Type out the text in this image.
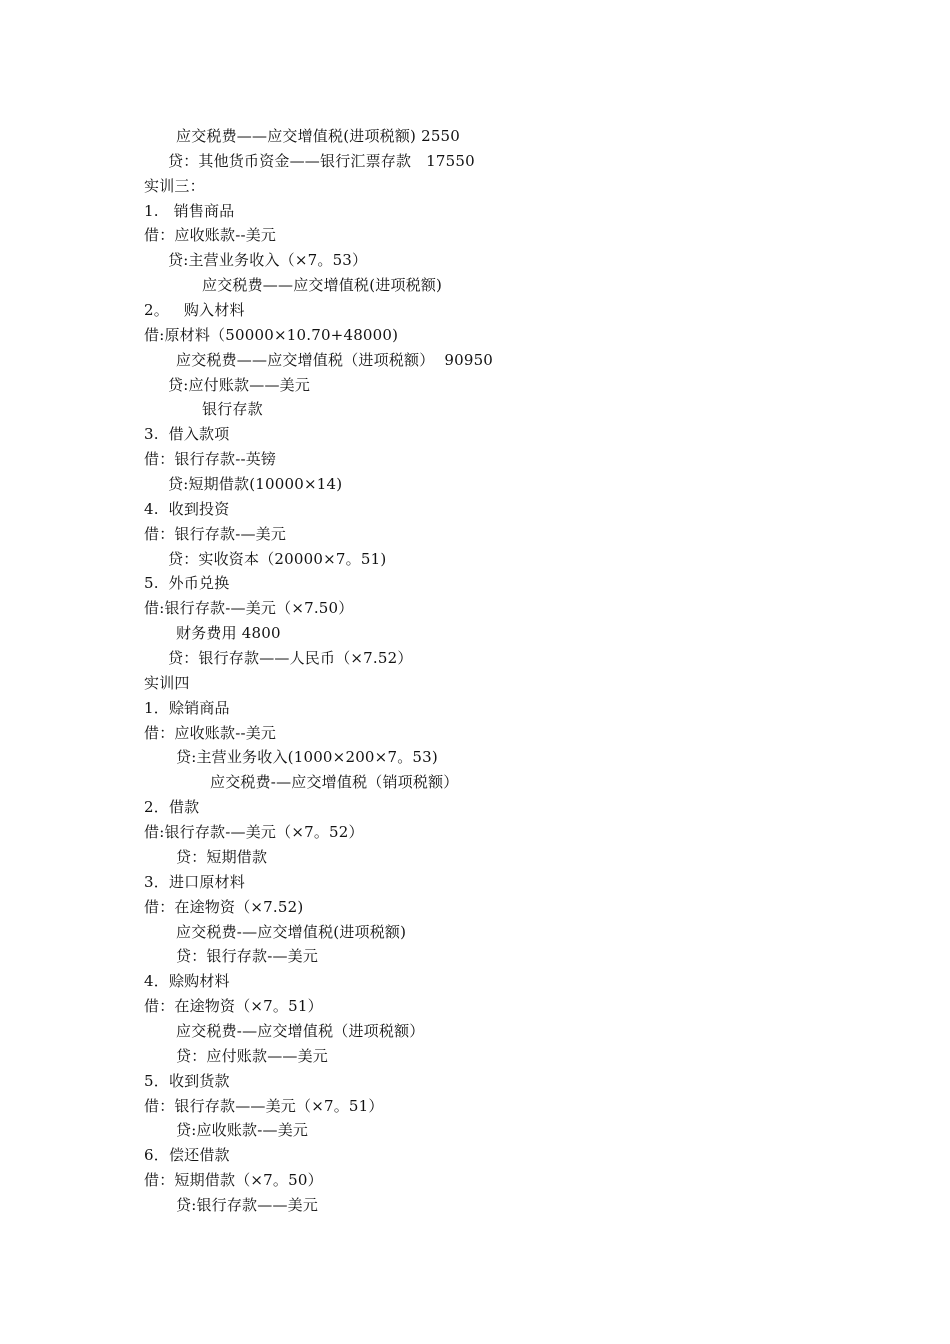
应交税费——应交增值税(进项税额) 2550
贷：其他货币资金——银行汇票存款   17550
实训三：
1.   销售商品
借：应收账款--美元
贷:主营业务收入（×7。53）
应交税费——应交增值税(进项税额)
2。   购入材料
借:原材料（50000×10.70+48000)
应交税费——应交增值税（进项税额）  90950
贷:应付账款——美元
银行存款
3.  借入款项
借：银行存款--英镑
贷:短期借款(10000×14)
4.  收到投资
借：银行存款-—美元
贷：实收资本（20000×7。51)
5.  外币兑换
借:银行存款-—美元（×7.50）
财务费用 4800
贷：银行存款——人民币（×7.52）
实训四
1．赊销商品
借：应收账款--美元
贷:主营业务收入(1000×200×7。53)
应交税费-—应交增值税（销项税额）
2．借款
借:银行存款-—美元（×7。52）
贷：短期借款
3．进口原材料
借：在途物资（×7.52)
应交税费-—应交增值税(进项税额)
贷：银行存款-—美元
4．赊购材料
借：在途物资（×7。51）
应交税费-—应交增值税（进项税额）
贷：应付账款——美元
5．收到货款
借：银行存款——美元（×7。51）
贷:应收账款-—美元
6．偿还借款
借：短期借款（×7。50）
贷:银行存款——美元
